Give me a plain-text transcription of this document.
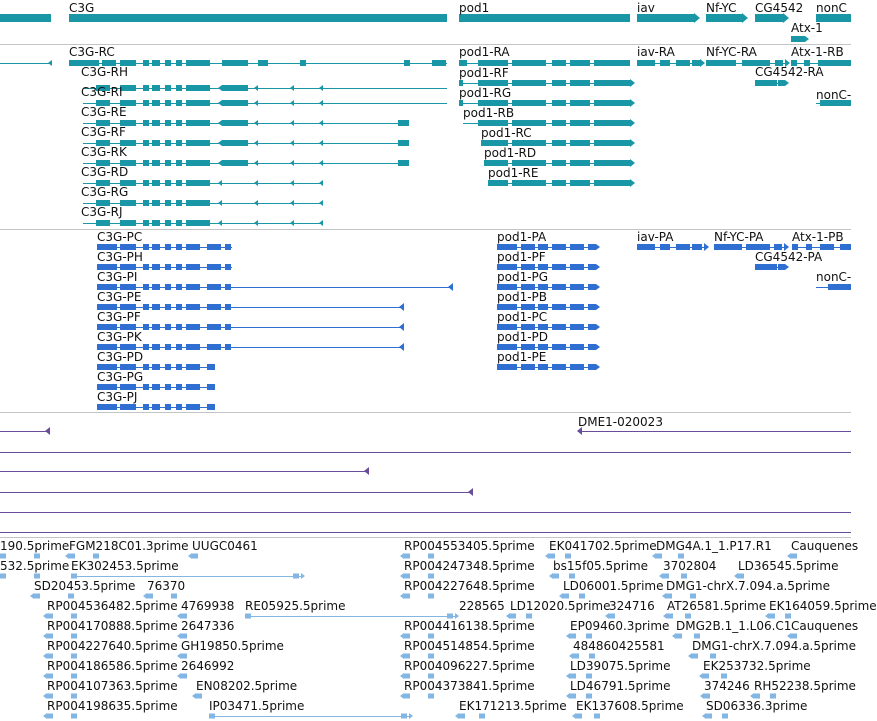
C3G	pod1	iav	Nf-YC CG4542 nonC
Atx-1
C3G-RC
C3G-RH
C3G-RI
C3G-RE
C3G-RF
C3G-RK
C3G-RD
C3G-RG
C3G-RJ
pod1-RA
pod1-RF
pod1-RG
pod1-RB
pod1-RC
pod1-RD
pod1-RE
iav-RA	Nf-YC-RA	Atx-1-RB
CG4542-RA
nonC-
C3G-PC
C3G-PH
C3G-PI
C3G-PE
C3G-PF
C3G-PK
C3G-PD
C3G-PG
C3G-PJ
pod1-PA
pod1-PF
pod1-PG
pod1-PB
pod1-PC
pod1-PD
pod1-PE
iav-PA	Nf-YC-PA Atx-1-PB
CG4542-PA
nonC-
DME1-020023
190.5prime FGM218C01.3prime UUGC0461	RP004553405.5prime EK041702.5prime DMG4A.1_1.P17.R1 Cauquenes
532.5prime EK302453.5prime	RP004247348.5prime bs15f05.5prime 3702804 LD36545.5prime
SD20453.5prime 76370	RP004227648.5prime LD06001.5prime DMG1-chrX.7.094.a.5prime
RP004536482.5prime 4769938 RE05925.5prime	228565 LD12020.5prime
324716 AT26581.5prime EK164059.5prime
RP004170888.5prime 2647336	RP004416138.5prime	EP09460.3prime DMG2B.1_1.L06.C1 Cauquenes
RP004227640.5prime GH19850.5prime	RP004514854.5prime	484860425581 DMG1-chrX.7.094.a.5prime
RP004186586.5prime 2646992	RP004096227.5prime	LD39075.5prime	EK253732.5prime
RP004107363.5prime EN08202.5prime	RP004373841.5prime	LD46791.5prime	374246 RH52238.5prime
RP004198635.5prime	IP03471.5prime	EK171213.5prime EK137608.5prime SD06336.3prime
